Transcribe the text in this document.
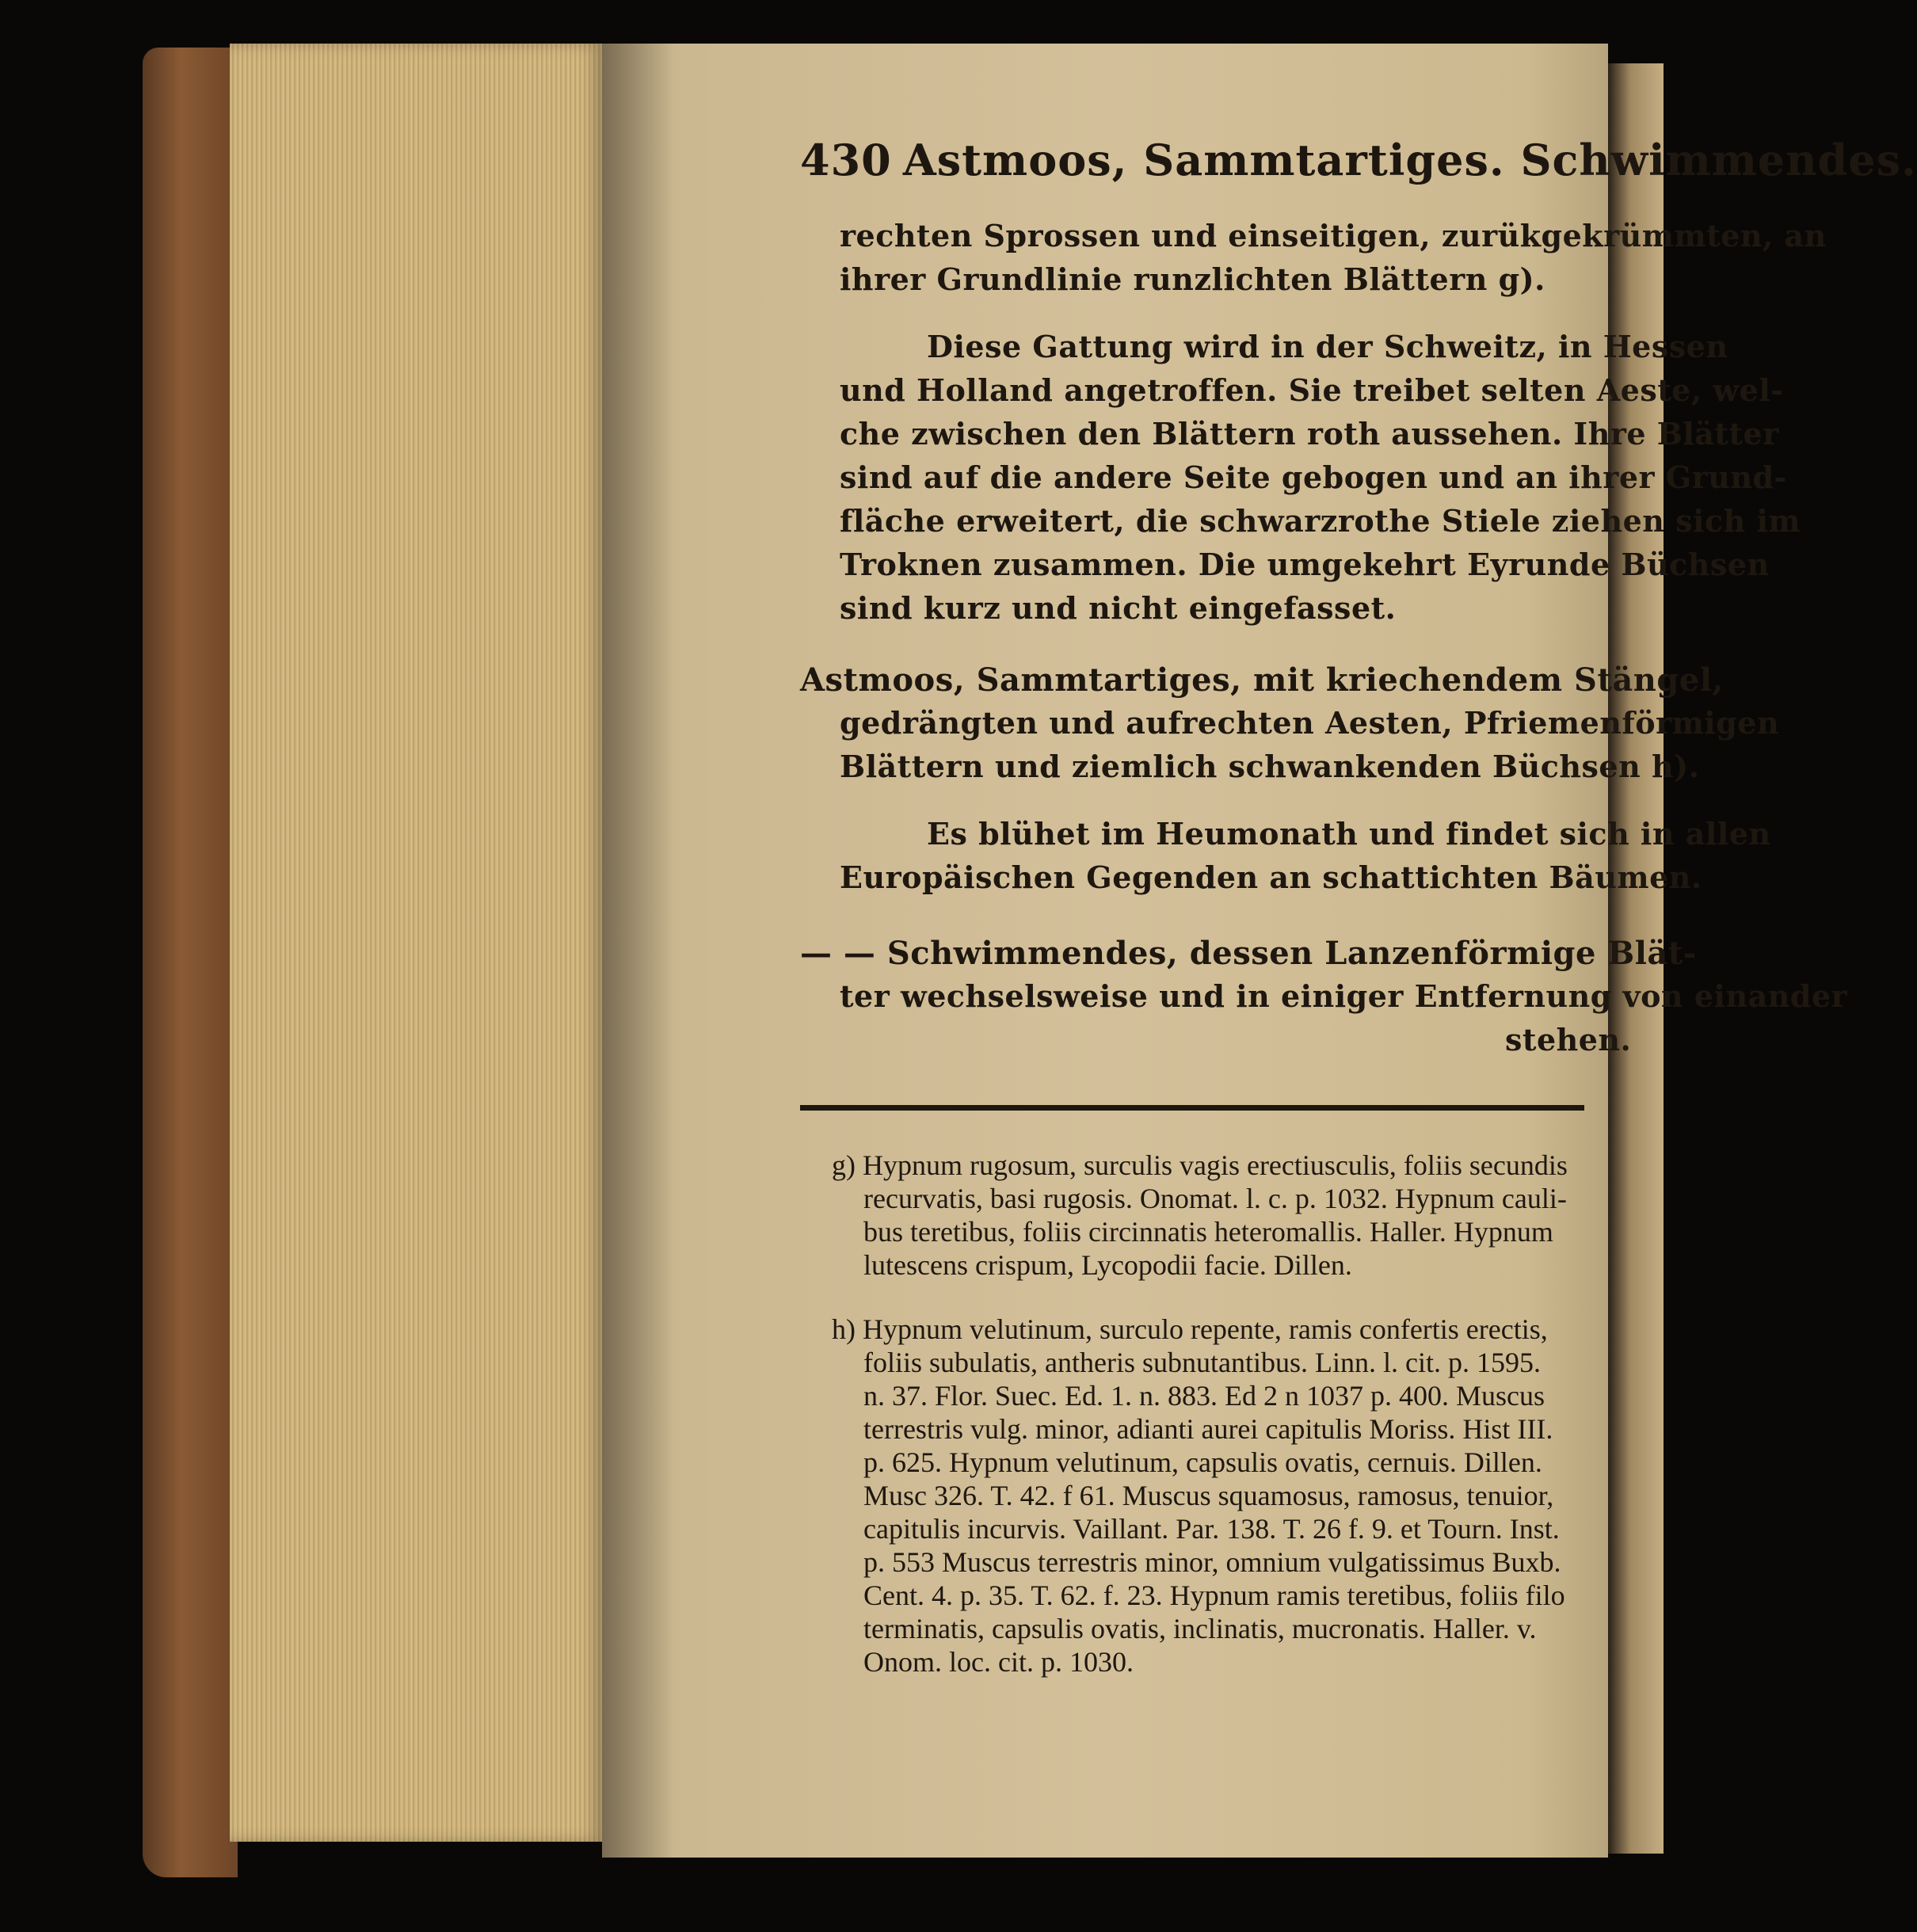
430 Astmoos, Sammtartiges. Schwimmendes.
rechten Sprossen und einseitigen, zurükgekrümmten, an
ihrer Grundlinie runzlichten Blättern g).
Diese Gattung wird in der Schweitz, in Hessen
und Holland angetroffen. Sie treibet selten Aeste, wel-
che zwischen den Blättern roth aussehen. Ihre Blätter
sind auf die andere Seite gebogen und an ihrer Grund-
fläche erweitert, die schwarzrothe Stiele ziehen sich im
Troknen zusammen. Die umgekehrt Eyrunde Büchsen
sind kurz und nicht eingefasset.
Astmoos, Sammtartiges, mit kriechendem Stängel,
gedrängten und aufrechten Aesten, Pfriemenförmigen
Blättern und ziemlich schwankenden Büchsen h).
Es blühet im Heumonath und findet sich in allen
Europäischen Gegenden an schattichten Bäumen.
— — Schwimmendes, dessen Lanzenförmige Blät-
ter wechselsweise und in einiger Entfernung von einander
stehen.
g) Hypnum rugosum, surculis vagis erectiusculis, foliis secundis
recurvatis, basi rugosis. Onomat. l. c. p. 1032. Hypnum cauli-
bus teretibus, foliis circinnatis heteromallis. Haller. Hypnum
lutescens crispum, Lycopodii facie. Dillen.
h) Hypnum velutinum, surculo repente, ramis confertis erectis,
foliis subulatis, antheris subnutantibus. Linn. l. cit. p. 1595.
n. 37. Flor. Suec. Ed. 1. n. 883. Ed 2 n 1037 p. 400. Muscus
terrestris vulg. minor, adianti aurei capitulis Moriss. Hist III.
p. 625. Hypnum velutinum, capsulis ovatis, cernuis. Dillen.
Musc 326. T. 42. f 61. Muscus squamosus, ramosus, tenuior,
capitulis incurvis. Vaillant. Par. 138. T. 26 f. 9. et Tourn. Inst.
p. 553 Muscus terrestris minor, omnium vulgatissimus Buxb.
Cent. 4. p. 35. T. 62. f. 23. Hypnum ramis teretibus, foliis filo
terminatis, capsulis ovatis, inclinatis, mucronatis. Haller. v.
Onom. loc. cit. p. 1030.
